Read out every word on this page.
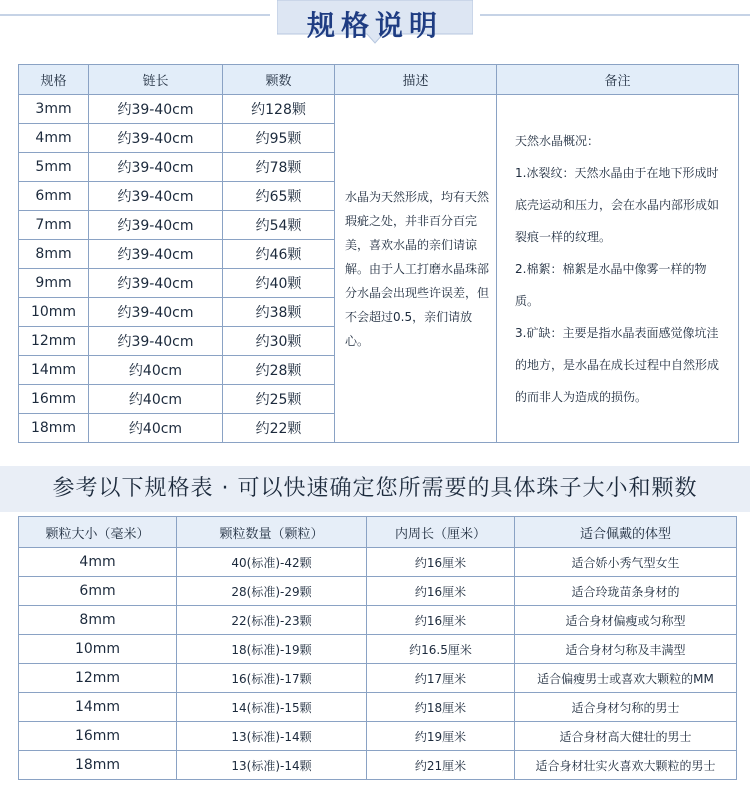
规格说明
规格	链长	颗数	描述	备注
3mm	约39-40cm	约128颗	水晶为天然形成，均有天然瑕疵之处，并非百分百完美，喜欢水晶的亲们请谅解。由于人工打磨水晶珠部分水晶会出现些许误差，但不会超过0.5，亲们请放心。	天然水晶概况：
1.冰裂纹：天然水晶由于在地下形成时底壳运动和压力，会在水晶内部形成如裂痕一样的纹理。
2.棉絮：棉絮是水晶中像雾一样的物质。
3.矿缺：主要是指水晶表面感觉像坑洼的地方，是水晶在成长过程中自然形成的而非人为造成的损伤。

4mm	约39-40cm	约95颗		
5mm	约39-40cm	约78颗		
6mm	约39-40cm	约65颗		
7mm	约39-40cm	约54颗		
8mm	约39-40cm	约46颗		
9mm	约39-40cm	约40颗		
10mm	约39-40cm	约38颗		
12mm	约39-40cm	约30颗		
14mm	约40cm	约28颗		
16mm	约40cm	约25颗		
18mm	约40cm	约22颗		
参考以下规格表 · 可以快速确定您所需要的具体珠子大小和颗数
颗粒大小（毫米）	颗粒数量（颗粒）	内周长（厘米）	适合佩戴的体型
4mm	40(标准)-42颗	约16厘米	适合娇小秀气型女生
6mm	28(标准)-29颗	约16厘米	适合玲珑苗条身材的
8mm	22(标准)-23颗	约16厘米	适合身材偏瘦或匀称型
10mm	18(标准)-19颗	约16.5厘米	适合身材匀称及丰满型
12mm	16(标准)-17颗	约17厘米	适合偏瘦男士或喜欢大颗粒的MM
14mm	14(标准)-15颗	约18厘米	适合身材匀称的男士
16mm	13(标准)-14颗	约19厘米	适合身材高大健壮的男士
18mm	13(标准)-14颗	约21厘米	适合身材壮实火喜欢大颗粒的男士
